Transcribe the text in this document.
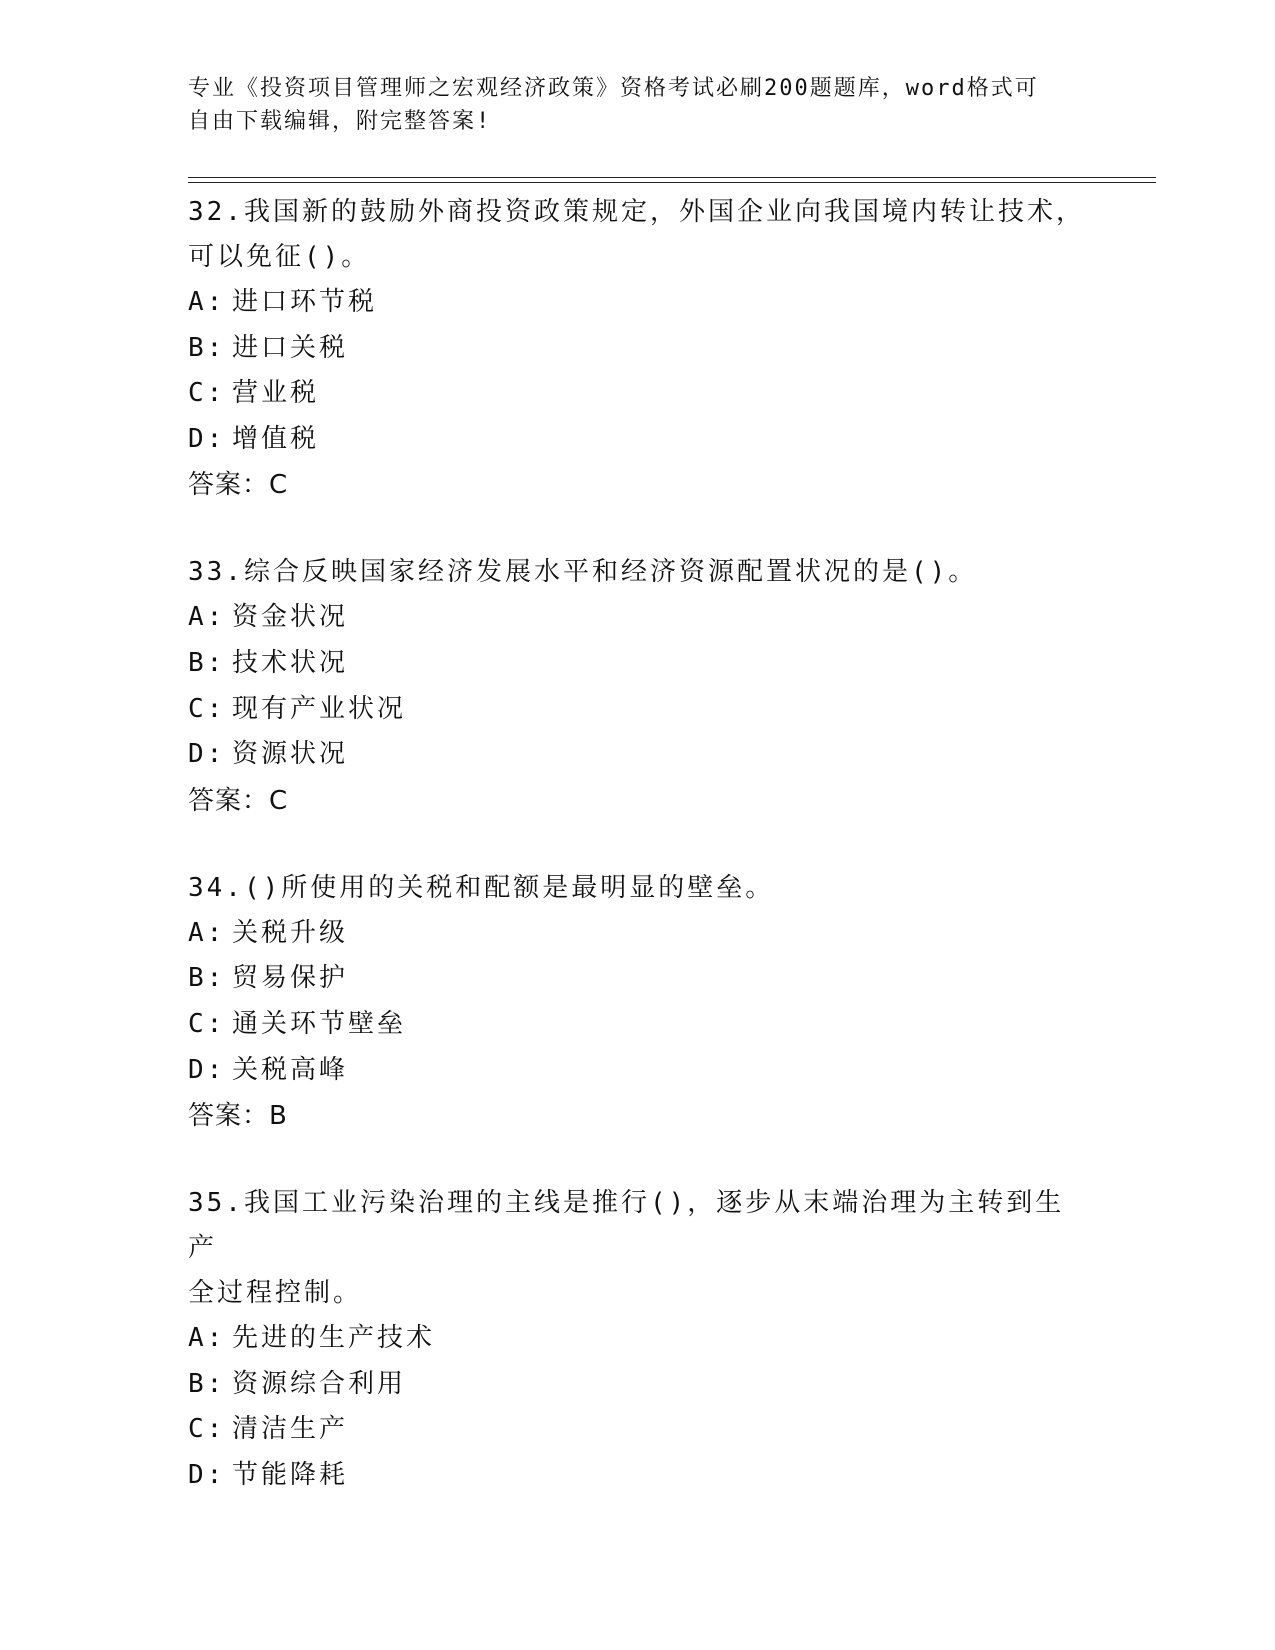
专业《投资项目管理师之宏观经济政策》资格考试必刷200题题库，word格式可
自由下载编辑，附完整答案!
32.我国新的鼓励外商投资政策规定，外国企业向我国境内转让技术，
可以免征()。
A: 进口环节税
B: 进口关税
C: 营业税
D: 增值税
答案：C
33.综合反映国家经济发展水平和经济资源配置状况的是()。
A: 资金状况
B: 技术状况
C: 现有产业状况
D: 资源状况
答案：C
34.()所使用的关税和配额是最明显的壁垒。
A: 关税升级
B: 贸易保护
C: 通关环节壁垒
D: 关税高峰
答案：B
35.我国工业污染治理的主线是推行()，逐步从末端治理为主转到生产
全过程控制。
A: 先进的生产技术
B: 资源综合利用
C: 清洁生产
D: 节能降耗
